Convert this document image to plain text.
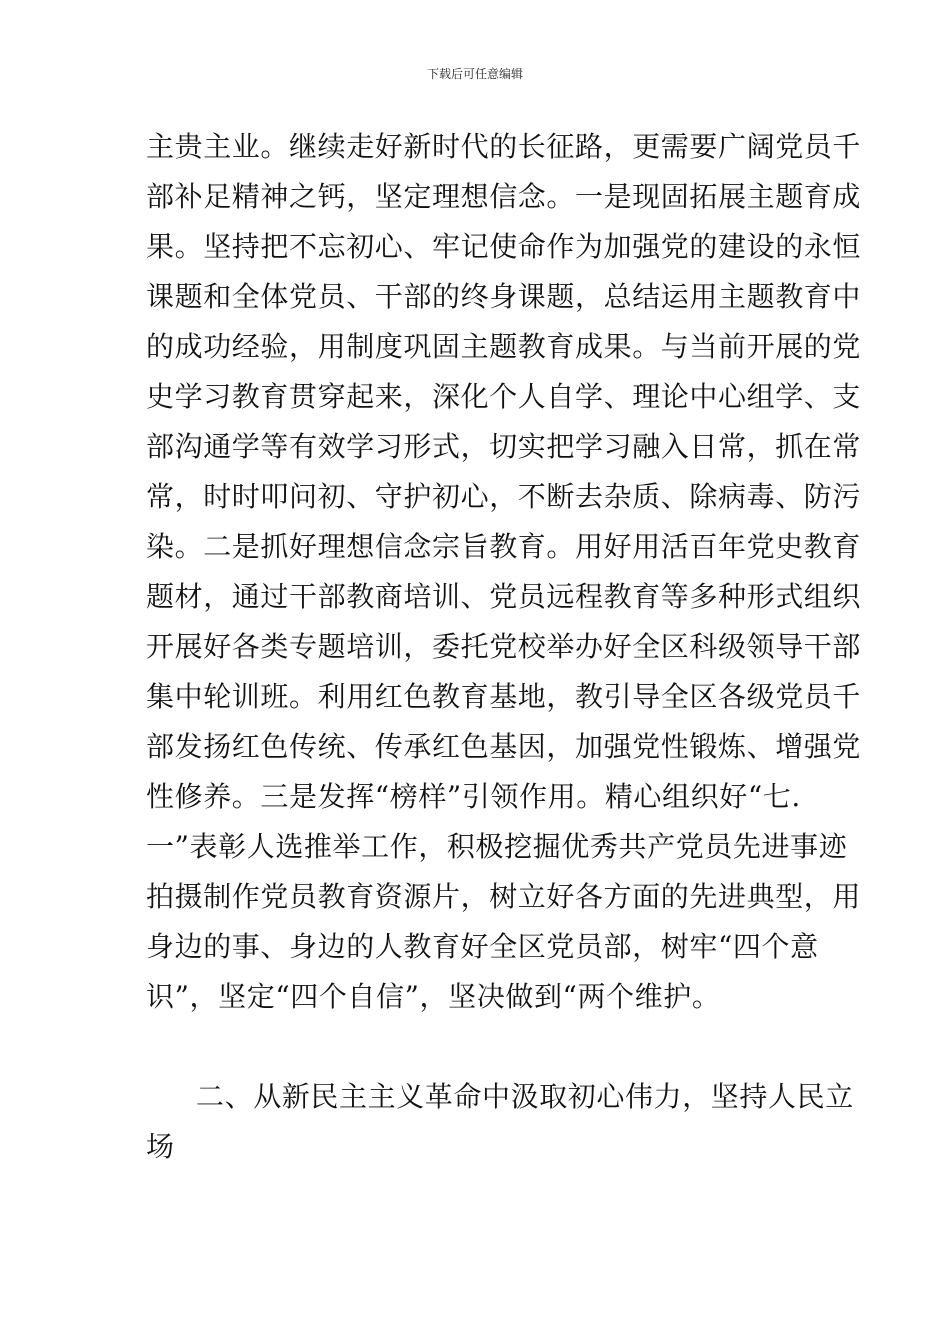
下载后可任意编辑
主贵主业。继续走好新时代的长征路，更需要广阔党员千
部补足精神之钙，坚定理想信念。一是现固拓展主题育成
果。坚持把不忘初心、牢记使命作为加强党的建设的永恒
课题和全体党员、干部的终身课题，总结运用主题教育中
的成功经验，用制度巩固主题教育成果。与当前开展的党
史学习教育贯穿起来，深化个人自学、理论中心组学、支
部沟通学等有效学习形式，切实把学习融入日常，抓在常
常，时时叩问初、守护初心，不断去杂质、除病毒、防污
染。二是抓好理想信念宗旨教育。用好用活百年党史教育
题材，通过干部教商培训、党员远程教育等多种形式组织
开展好各类专题培训，委托党校举办好全区科级领导干部
集中轮训班。利用红色教育基地，教引导全区各级党员千
部发扬红色传统、传承红色基因，加强党性锻炼、增强党
性修养。三是发挥“榜样”引领作用。精心组织好“七.
一”表彰人选推举工作，积极挖掘优秀共产党员先进事迹
拍摄制作党员教育资源片，树立好各方面的先进典型，用
身边的事、身边的人教育好全区党员部，树牢“四个意
识”，坚定“四个自信”，坚决做到“两个维护。
二、从新民主主义革命中汲取初心伟力，坚持人民立
场
